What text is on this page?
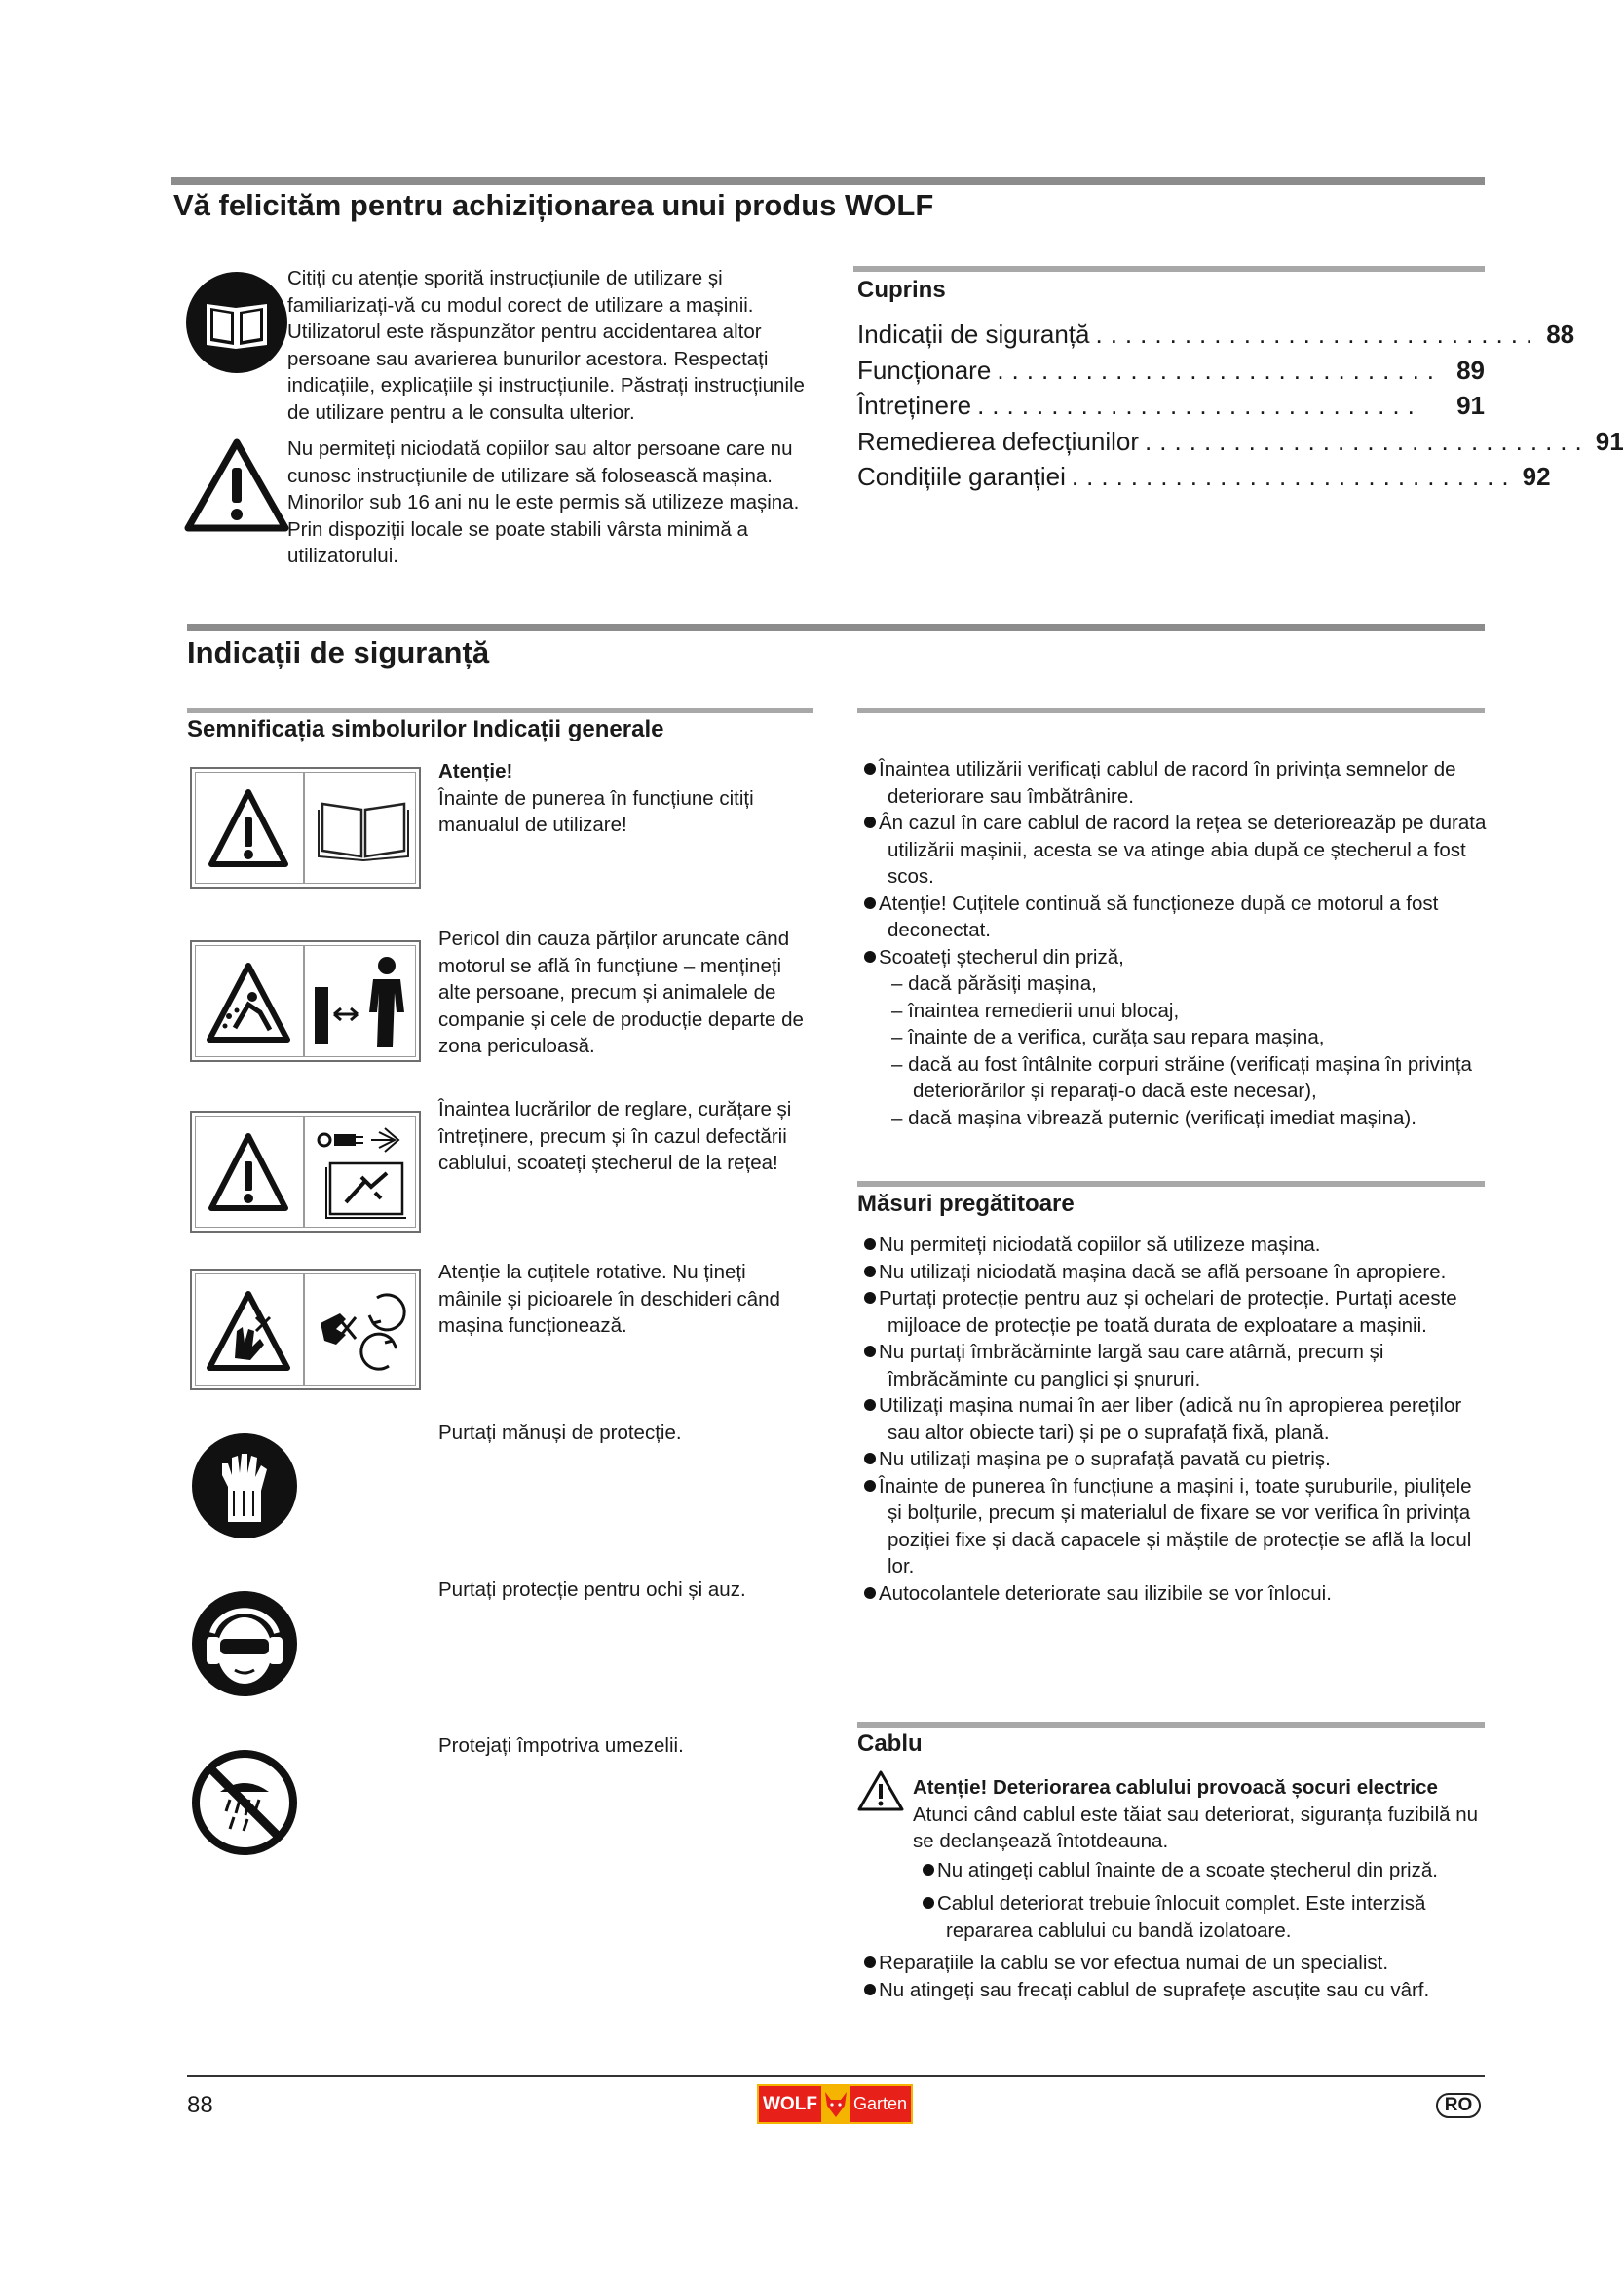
Vă felicităm pentru achiziționarea unui produs WOLF

Citiți cu atenție sporită instrucțiunile de utilizare și familiarizați-vă cu modul corect de utilizare a mașinii. Utilizatorul este răspunzător pentru accidentarea altor persoane sau avarierea bunurilor acestora. Respectați indicațiile, explicațiile și instrucțiunile. Păstrați instrucțiunile de utilizare pentru a le consulta ulterior.

Nu permiteți niciodată copiilor sau altor persoane care nu cunosc instrucțiunile de utilizare să folosească mașina. Minorilor sub 16 ani nu le este permis să utilizeze mașina. Prin dispoziții locale se poate stabili vârsta minimă a utilizatorului.

Cuprins
Indicații de siguranță .............................. 88
Funcționare .............................. 89
Întreținere ..............................	91
Remedierea defecțiunilor .............................. 91
Condițiile garanției .............................. 92
Indicații de siguranță
Semnificația simbolurilor Indicații generale
Atenție!
Înainte de punerea în funcțiune citiți manualul de utilizare!
Pericol din cauza părților aruncate când motorul se află în funcțiune – mențineți alte persoane, precum și animalele de companie și cele de producție departe de zona periculoasă.
Înaintea lucrărilor de reglare, curățare și întreținere, precum și în cazul defectării cablului, scoateți ștecherul de la rețea!
Atenție la cuțitele rotative. Nu țineți mâinile și picioarele în deschideri când mașina funcționează.
Purtați mănuși de protecție.
Purtați protecție pentru ochi și auz.
Protejați împotriva umezelii.
Înaintea utilizării verificați cablul de racord în privința semnelor de deteriorare sau îmbătrânire.
Ân cazul în care cablul de racord la rețea se deterioreazăp pe durata utilizării mașinii, acesta se va atinge abia după ce ștecherul a fost scos.
Atenție! Cuțitele continuă să funcționeze după ce motorul a fost deconectat.
Scoateți ștecherul din priză,
– dacă părăsiți mașina,
– înaintea remedierii unui blocaj,
– înainte de a verifica, curăța sau repara mașina,
– dacă au fost întâlnite corpuri străine (verificați mașina în privința deteriorărilor și reparați-o dacă este necesar),
– dacă mașina vibrează puternic (verificați imediat mașina).
Măsuri pregătitoare
Nu permiteți niciodată copiilor să utilizeze mașina.
Nu utilizați niciodată mașina dacă se află persoane în apropiere.
Purtați protecție pentru auz și ochelari de protecție. Purtați aceste mijloace de protecție pe toată durata de exploatare a mașinii.
Nu purtați îmbrăcăminte largă sau care atârnă, precum și îmbrăcăminte cu panglici și șnururi.
Utilizați mașina numai în aer liber (adică nu în apropierea pereților sau altor obiecte tari) și pe o suprafață fixă, plană.
Nu utilizați mașina pe o suprafață pavată cu pietriș.
Înainte de punerea în funcțiune a mașini i, toate șuruburile, piulițele și bolțurile, precum și materialul de fixare se vor verifica în privința poziției fixe și dacă capacele și măștile de protecție se află la locul lor.
Autocolantele deteriorate sau ilizibile se vor înlocui.
Cablu
Atenție! Deteriorarea cablului provoacă șocuri electrice
Atunci când cablul este tăiat sau deteriorat, siguranța fuzibilă nu se declanșează întotdeauna.
Nu atingeți cablul înainte de a scoate ștecherul din priză.
Cablul deteriorat trebuie înlocuit complet. Este interzisă repararea cablului cu bandă izolatoare.
Reparațiile la cablu se vor efectua numai de un specialist.
Nu atingeți sau frecați cablul de suprafețe ascuțite sau cu vârf.
88	WOLF	Garten	RO
